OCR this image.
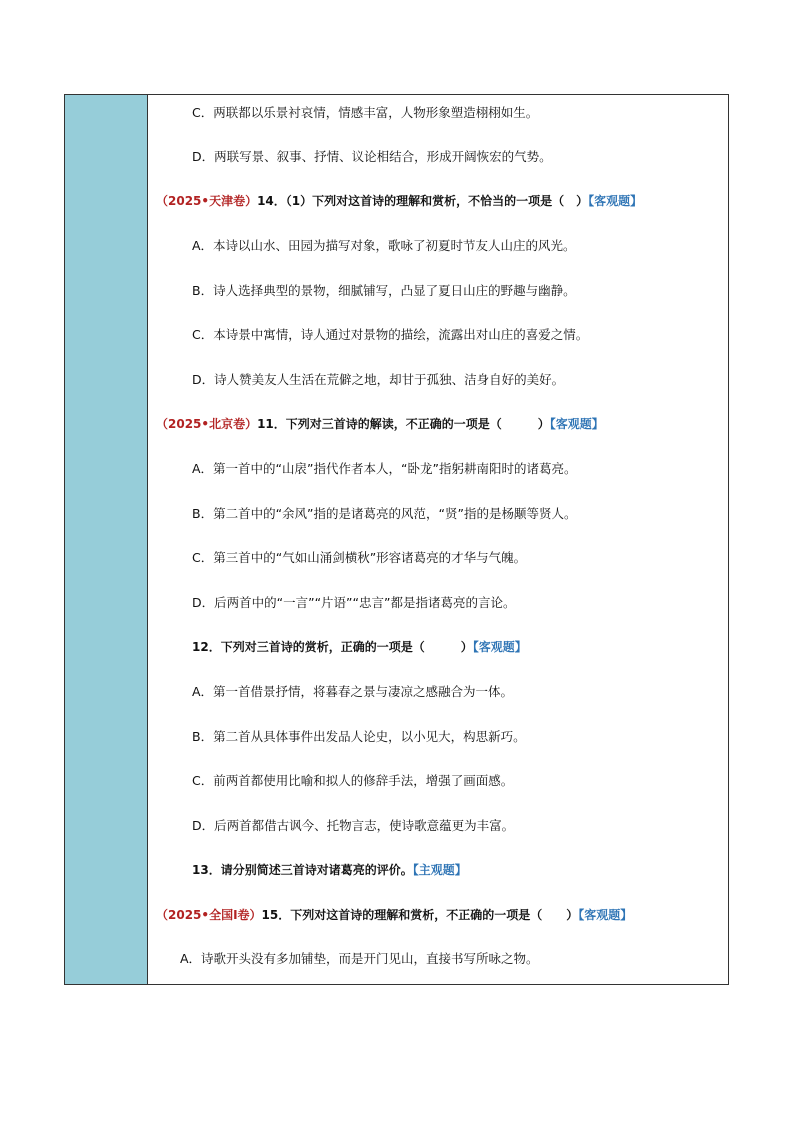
C．两联都以乐景衬哀情，情感丰富，人物形象塑造栩栩如生。
D．两联写景、叙事、抒情、议论相结合，形成开阔恢宏的气势。
（2025•天津卷）14．（1）下列对这首诗的理解和赏析，不恰当的一项是（　）【客观题】
A．本诗以山水、田园为描写对象，歌咏了初夏时节友人山庄的风光。
B．诗人选择典型的景物，细腻铺写，凸显了夏日山庄的野趣与幽静。
C．本诗景中寓情，诗人通过对景物的描绘，流露出对山庄的喜爱之情。
D．诗人赞美友人生活在荒僻之地，却甘于孤独、洁身自好的美好。
（2025•北京卷）11．下列对三首诗的解读，不正确的一项是（　　　）【客观题】
A．第一首中的“山扆”指代作者本人，“卧龙”指躬耕南阳时的诸葛亮。
B．第二首中的“余风”指的是诸葛亮的风范，“贤”指的是杨颙等贤人。
C．第三首中的“气如山涌剑横秋”形容诸葛亮的才华与气魄。
D．后两首中的“一言”“片语”“忠言”都是指诸葛亮的言论。
12．下列对三首诗的赏析，正确的一项是（　　　）【客观题】
A．第一首借景抒情，将暮春之景与凄凉之感融合为一体。
B．第二首从具体事件出发品人论史，以小见大，构思新巧。
C．前两首都使用比喻和拟人的修辞手法，增强了画面感。
D．后两首都借古讽今、托物言志，使诗歌意蕴更为丰富。
13．请分别简述三首诗对诸葛亮的评价。【主观题】
（2025•全国Ⅰ卷）15．下列对这首诗的理解和赏析，不正确的一项是（　　）【客观题】
A．诗歌开头没有多加铺垫，而是开门见山，直接书写所咏之物。
